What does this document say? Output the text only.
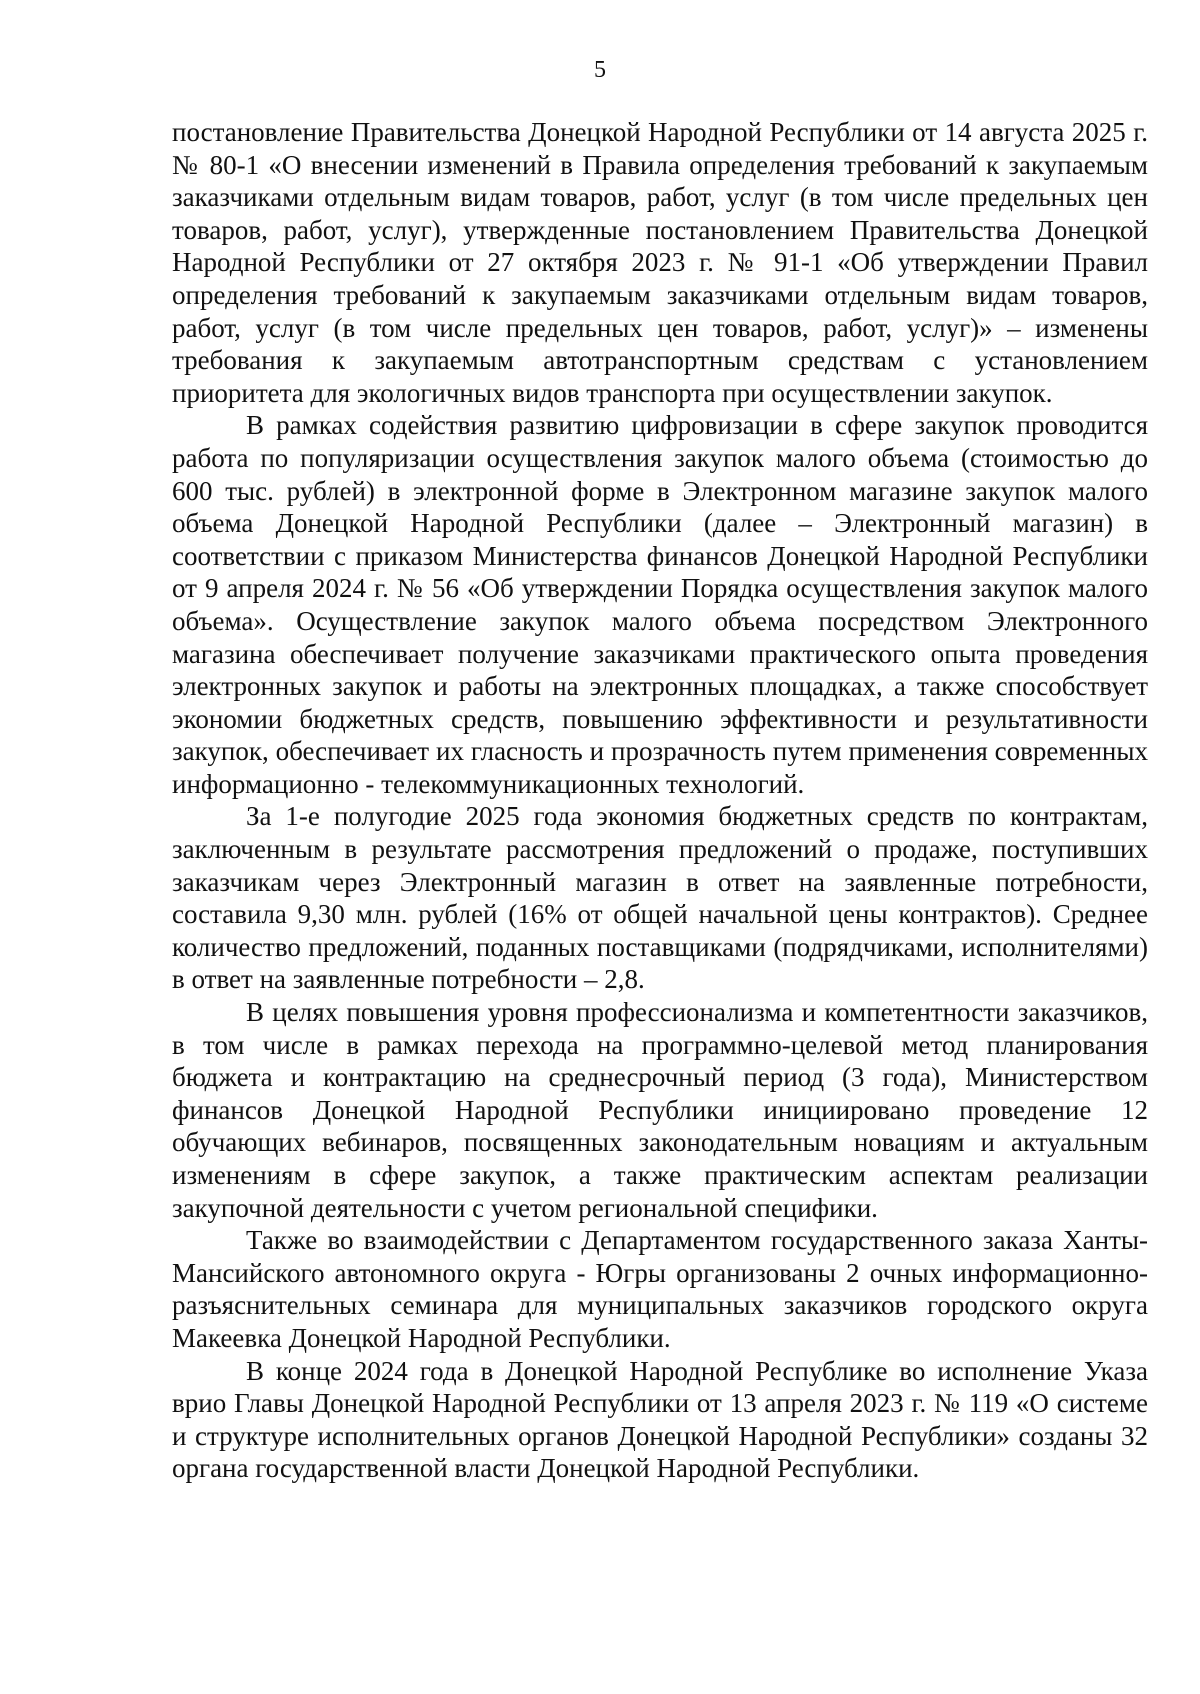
5

постановление Правительства Донецкой Народной Республики от 14 августа 2025 г. № 80-1 «О внесении изменений в Правила определения требований к закупаемым заказчиками отдельным видам товаров, работ, услуг (в том числе предельных цен товаров, работ, услуг), утвержденные постановлением Правительства Донецкой Народной Республики от 27 октября 2023 г. № 91-1 «Об утверждении Правил определения требований к закупаемым заказчиками отдельным видам товаров, работ, услуг (в том числе предельных цен товаров, работ, услуг)» – изменены требования к закупаемым автотранспортным средствам с установлением приоритета для экологичных видов транспорта при осуществлении закупок.

В рамках содействия развитию цифровизации в сфере закупок проводится работа по популяризации осуществления закупок малого объема (стоимостью до 600 тыс. рублей) в электронной форме в Электронном магазине закупок малого объема Донецкой Народной Республики (далее – Электронный магазин) в соответствии с приказом Министерства финансов Донецкой Народной Республики от 9 апреля 2024 г. № 56 «Об утверждении Порядка осуществления закупок малого объема». Осуществление закупок малого объема посредством Электронного магазина обеспечивает получение заказчиками практического опыта проведения электронных закупок и работы на электронных площадках, а также способствует экономии бюджетных средств, повышению эффективности и результативности закупок, обеспечивает их гласность и прозрачность путем применения современных информационно - телекоммуникационных технологий.

За 1-е полугодие 2025 года экономия бюджетных средств по контрактам, заключенным в результате рассмотрения предложений о продаже, поступивших заказчикам через Электронный магазин в ответ на заявленные потребности, составила 9,30 млн. рублей (16% от общей начальной цены контрактов). Среднее количество предложений, поданных поставщиками (подрядчиками, исполнителями) в ответ на заявленные потребности – 2,8.

В целях повышения уровня профессионализма и компетентности заказчиков, в том числе в рамках перехода на программно-целевой метод планирования бюджета и контрактацию на среднесрочный период (3 года), Министерством финансов Донецкой Народной Республики инициировано проведение 12 обучающих вебинаров, посвященных законодательным новациям и актуальным изменениям в сфере закупок, а также практическим аспектам реализации закупочной деятельности с учетом региональной специфики.

Также во взаимодействии с Департаментом государственного заказа Ханты-Мансийского автономного округа - Югры организованы 2 очных информационно-разъяснительных семинара для муниципальных заказчиков городского округа Макеевка Донецкой Народной Республики.

В конце 2024 года в Донецкой Народной Республике во исполнение Указа врио Главы Донецкой Народной Республики от 13 апреля 2023 г. № 119 «О системе и структуре исполнительных органов Донецкой Народной Республики» созданы 32 органа государственной власти Донецкой Народной Республики.
